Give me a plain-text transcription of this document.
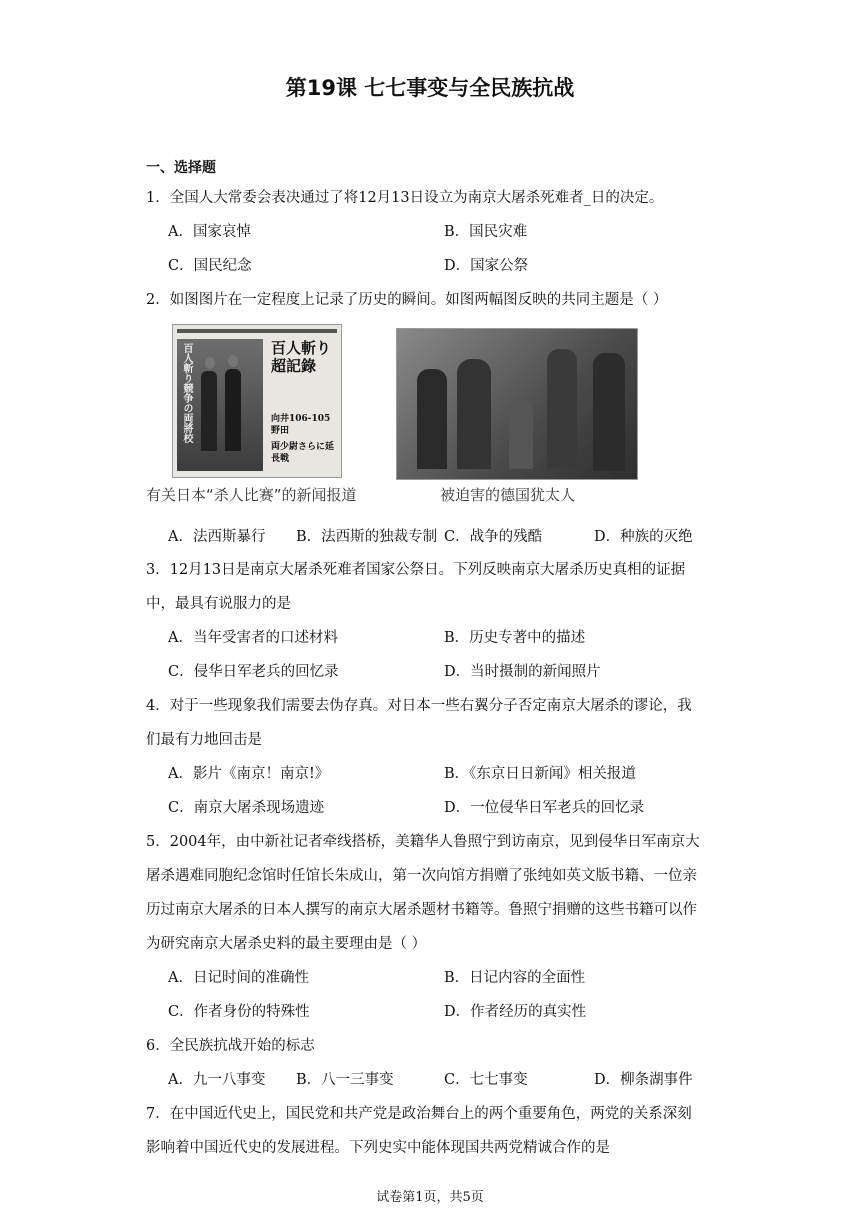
第19课 七七事变与全民族抗战
一、选择题
1．全国人大常委会表决通过了将12月13日设立为南京大屠杀死难者_日的决定。
A．国家哀悼	B．国民灾难
C．国民纪念	D．国家公祭
2．如图图片在一定程度上记录了历史的瞬间。如图两幅图反映的共同主题是（ ）
百人斬り競争の両將校	百人斬り超記錄
向井106-105野田
両少尉さらに延長戦
有关日本“杀人比赛”的新闻报道	被迫害的德国犹太人
A．法西斯暴行 B．法西斯的独裁专制 C．战争的残酷	D．种族的灭绝
3．12月13日是南京大屠杀死难者国家公祭日。下列反映南京大屠杀历史真相的证据
中，最具有说服力的是
A．当年受害者的口述材料	B．历史专著中的描述
C．侵华日军老兵的回忆录	D．当时摄制的新闻照片
4．对于一些现象我们需要去伪存真。对日本一些右翼分子否定南京大屠杀的谬论，我
们最有力地回击是
A．影片《南京！南京!》	B．《东京日日新闻》相关报道
C．南京大屠杀现场遗迹	D．一位侵华日军老兵的回忆录
5．2004年，由中新社记者牵线搭桥，美籍华人鲁照宁到访南京，见到侵华日军南京大
屠杀遇难同胞纪念馆时任馆长朱成山，第一次向馆方捐赠了张纯如英文版书籍、一位亲
历过南京大屠杀的日本人撰写的南京大屠杀题材书籍等。鲁照宁捐赠的这些书籍可以作
为研究南京大屠杀史料的最主要理由是（ ）
A．日记时间的准确性	B．日记内容的全面性
C．作者身份的特殊性	D．作者经历的真实性
6．全民族抗战开始的标志
A．九一八事变 B．八一三事变	C．七七事变	D．柳条湖事件
7．在中国近代史上，国民党和共产党是政治舞台上的两个重要角色，两党的关系深刻
影响着中国近代史的发展进程。下列史实中能体现国共两党精诚合作的是
试卷第1页，共5页
